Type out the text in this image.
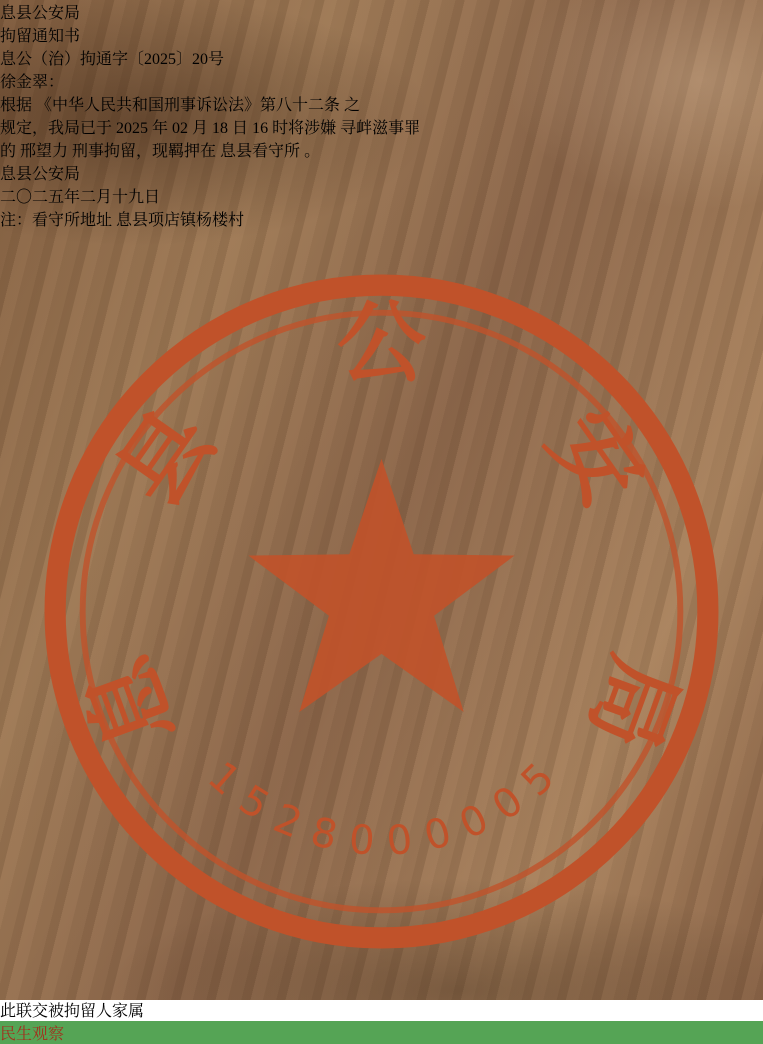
息县公安局
拘留通知书
息公（治）拘通字〔2025〕20号
徐金翠：
根据 《中华人民共和国刑事诉讼法》第八十二条 之
规定，我局已于 2025 年 02 月 18 日 16 时将涉嫌 寻衅滋事罪
的 邢望力 刑事拘留，现羁押在 息县看守所 。
息县公安局
二〇二五年二月十九日
注：看守所地址 息县项店镇杨楼村
息
县
公
安
局
1528000005
此联交被拘留人家属
民生观察
